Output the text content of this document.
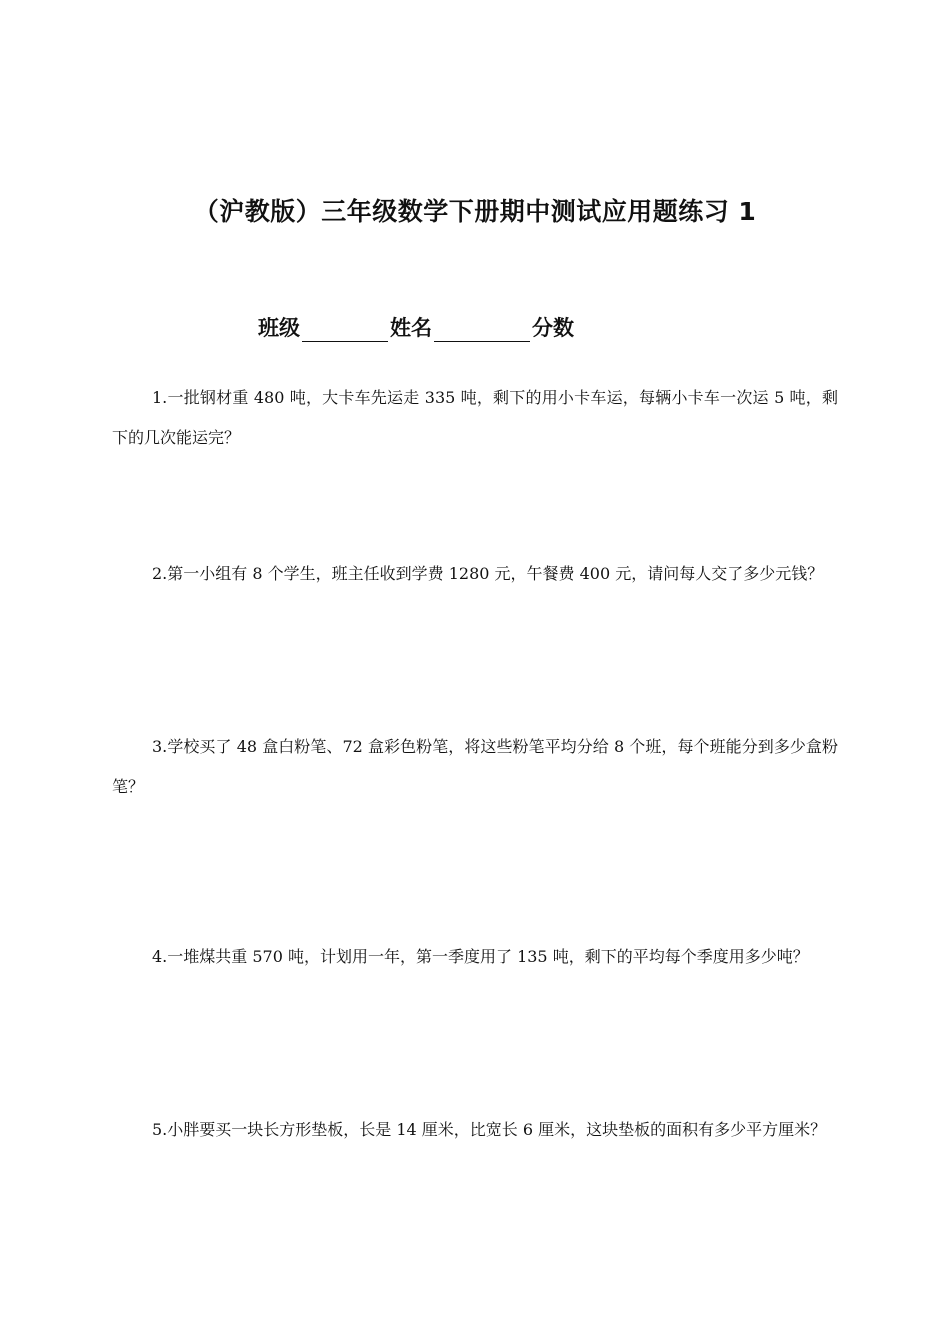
（沪教版）三年级数学下册期中测试应用题练习 1
班级	姓名	分数

1.一批钢材重 480 吨，大卡车先运走 335 吨，剩下的用小卡车运，每辆小卡车一次运 5 吨，剩下的几次能运完？

2.第一小组有 8 个学生，班主任收到学费 1280 元，午餐费 400 元，请问每人交了多少元钱？

3.学校买了 48 盒白粉笔、72 盒彩色粉笔，将这些粉笔平均分给 8 个班，每个班能分到多少盒粉笔？

4.一堆煤共重 570 吨，计划用一年，第一季度用了 135 吨，剩下的平均每个季度用多少吨？

5.小胖要买一块长方形垫板，长是 14 厘米，比宽长 6 厘米，这块垫板的面积有多少平方厘米？
